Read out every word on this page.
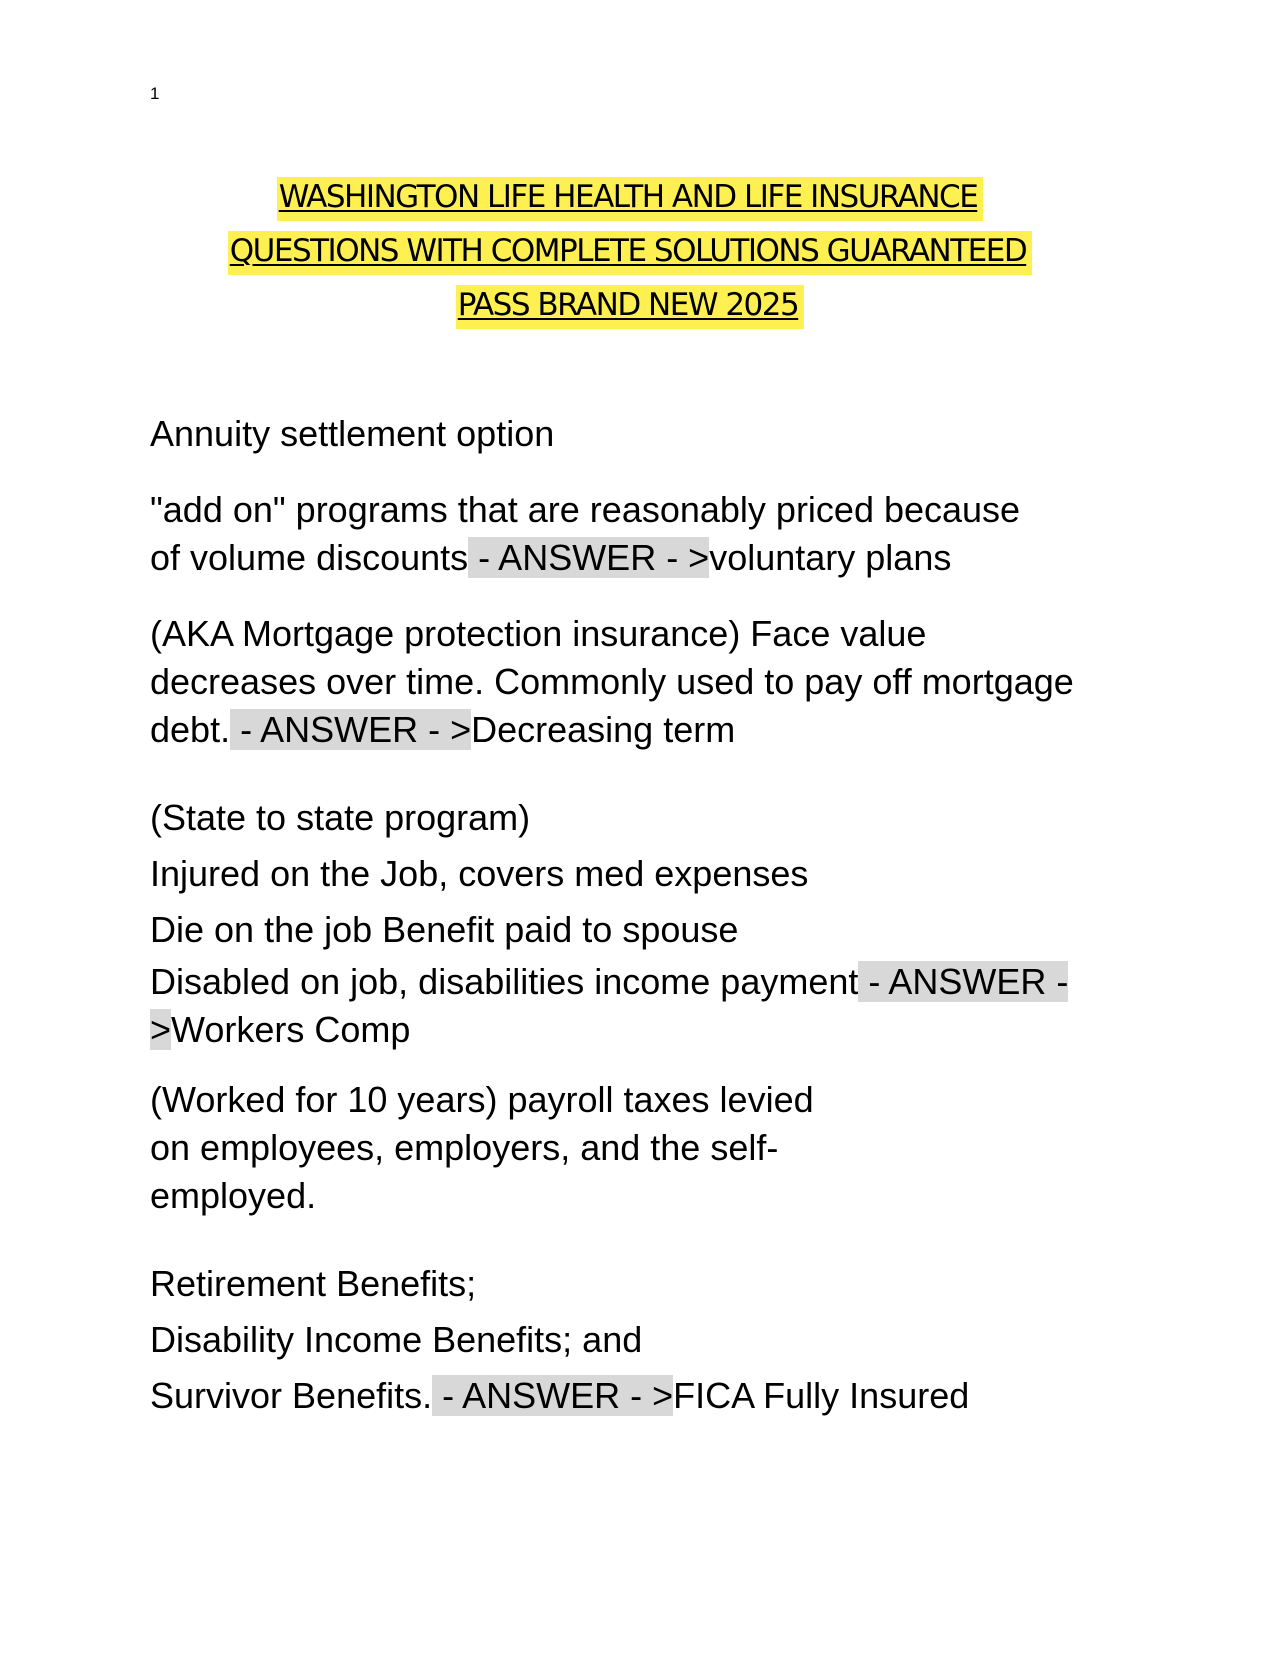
1
WASHINGTON LIFE HEALTH AND LIFE INSURANCE
QUESTIONS WITH COMPLETE SOLUTIONS GUARANTEED
PASS BRAND NEW 2025
Annuity settlement option
"add on" programs that are reasonably priced because
of volume discounts - ANSWER - >voluntary plans
(AKA Mortgage protection insurance) Face value
decreases over time. Commonly used to pay off mortgage
debt. - ANSWER - >Decreasing term
(State to state program)
Injured on the Job, covers med expenses
Die on the job Benefit paid to spouse
Disabled on job, disabilities income payment - ANSWER -
>Workers Comp
(Worked for 10 years) payroll taxes levied
on employees, employers, and the self-
employed.
Retirement Benefits;
Disability Income Benefits; and
Survivor Benefits. - ANSWER - >FICA Fully Insured
